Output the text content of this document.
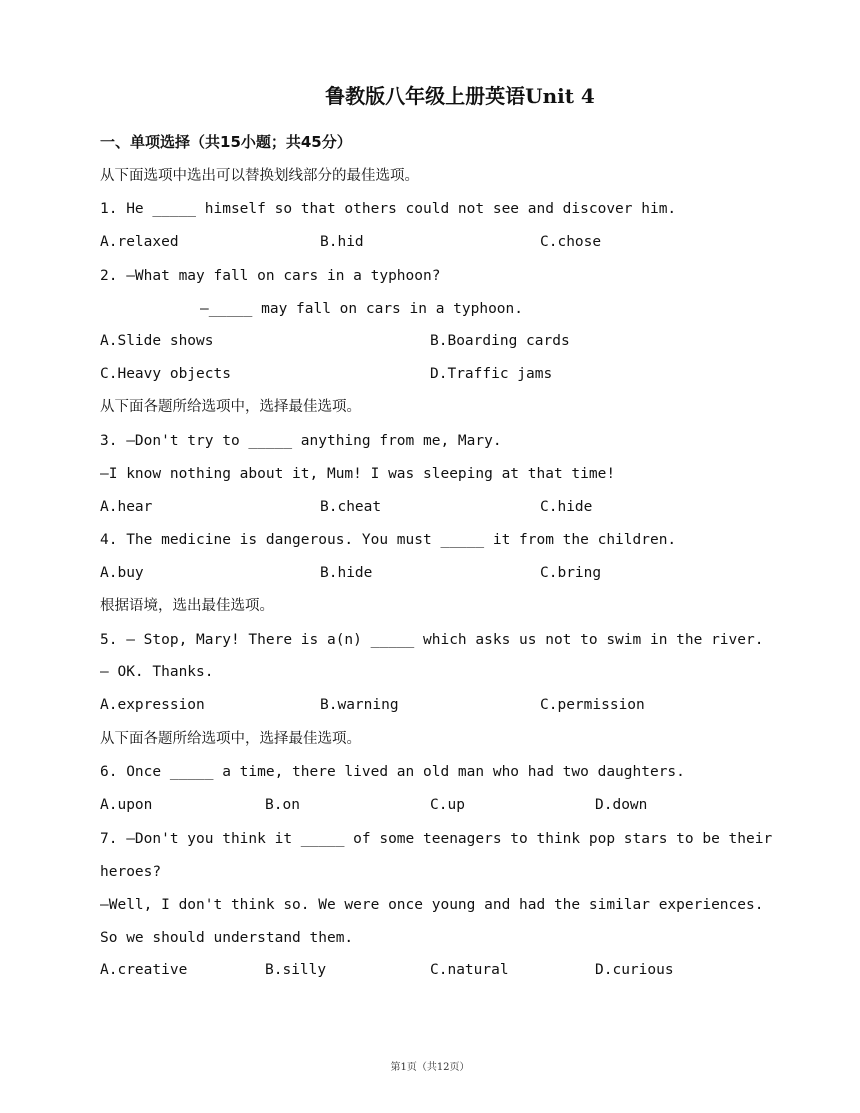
鲁教版八年级上册英语Unit 4
一、单项选择（共15小题；共45分）
从下面选项中选出可以替换划线部分的最佳选项。
1. He _____ himself so that others could not see and discover him.
A.relaxed	B.hid	C.chose
2. —What may fall on cars in a typhoon?
—_____ may fall on cars in a typhoon.
A.Slide shows	B.Boarding cards
C.Heavy objects	D.Traffic jams
从下面各题所给选项中，选择最佳选项。
3. —Don't try to _____ anything from me, Mary.
—I know nothing about it, Mum! I was sleeping at that time!
A.hear	B.cheat	C.hide
4. The medicine is dangerous. You must _____ it from the children.
A.buy	B.hide	C.bring
根据语境，选出最佳选项。
5. — Stop, Mary! There is a(n) _____ which asks us not to swim in the river.
— OK. Thanks.
A.expression	B.warning	C.permission
从下面各题所给选项中，选择最佳选项。
6. Once _____ a time, there lived an old man who had two daughters.
A.upon	B.on	C.up	D.down
7. —Don't you think it _____ of some teenagers to think pop stars to be their
heroes?
—Well, I don't think so. We were once young and had the similar experiences.
So we should understand them.
A.creative	B.silly	C.natural	D.curious
第1页（共12页）
